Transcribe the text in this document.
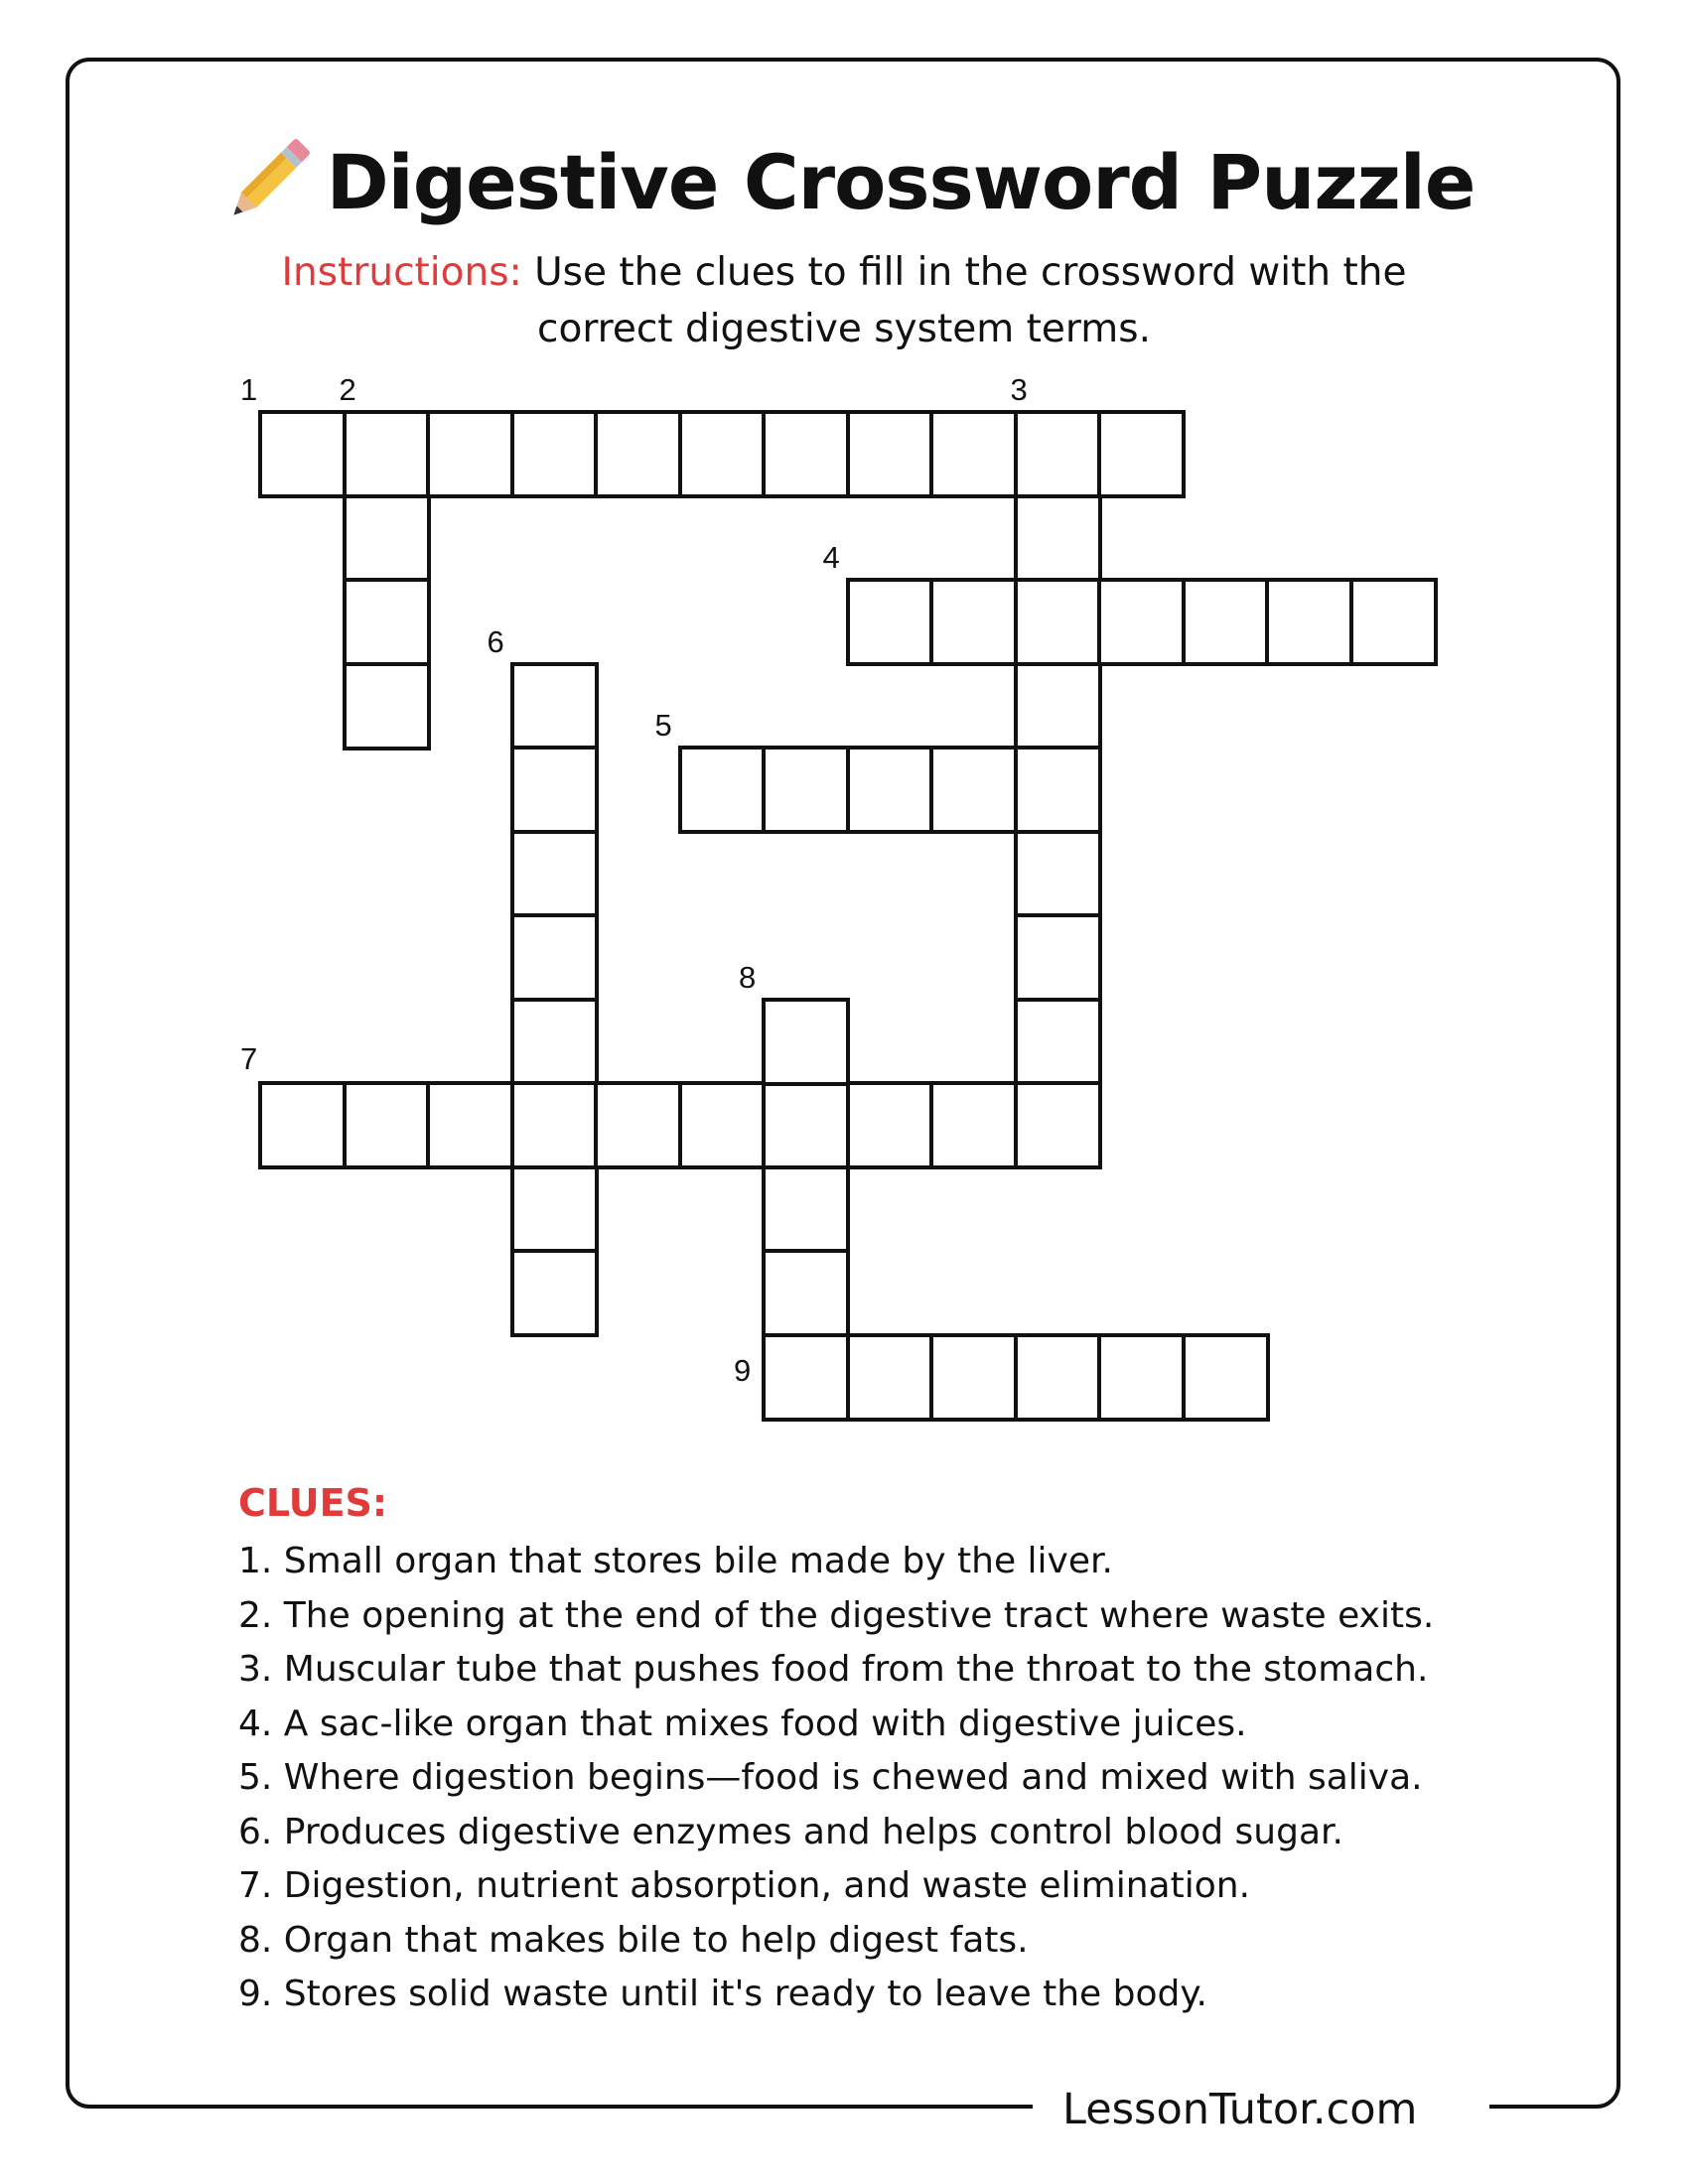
Digestive Crossword Puzzle
Instructions: Use the clues to fill in the crossword with the
correct digestive system terms.
1	2	3
4
5
6
7
8
9
CLUES:
1. Small organ that stores bile made by the liver.
2. The opening at the end of the digestive tract where waste exits.
3. Muscular tube that pushes food from the throat to the stomach.
4. A sac-like organ that mixes food with digestive juices.
5. Where digestion begins—food is chewed and mixed with saliva.
6. Produces digestive enzymes and helps control blood sugar.
7. Digestion, nutrient absorption, and waste elimination.
8. Organ that makes bile to help digest fats.
9. Stores solid waste until it's ready to leave the body.
LessonTutor.com
